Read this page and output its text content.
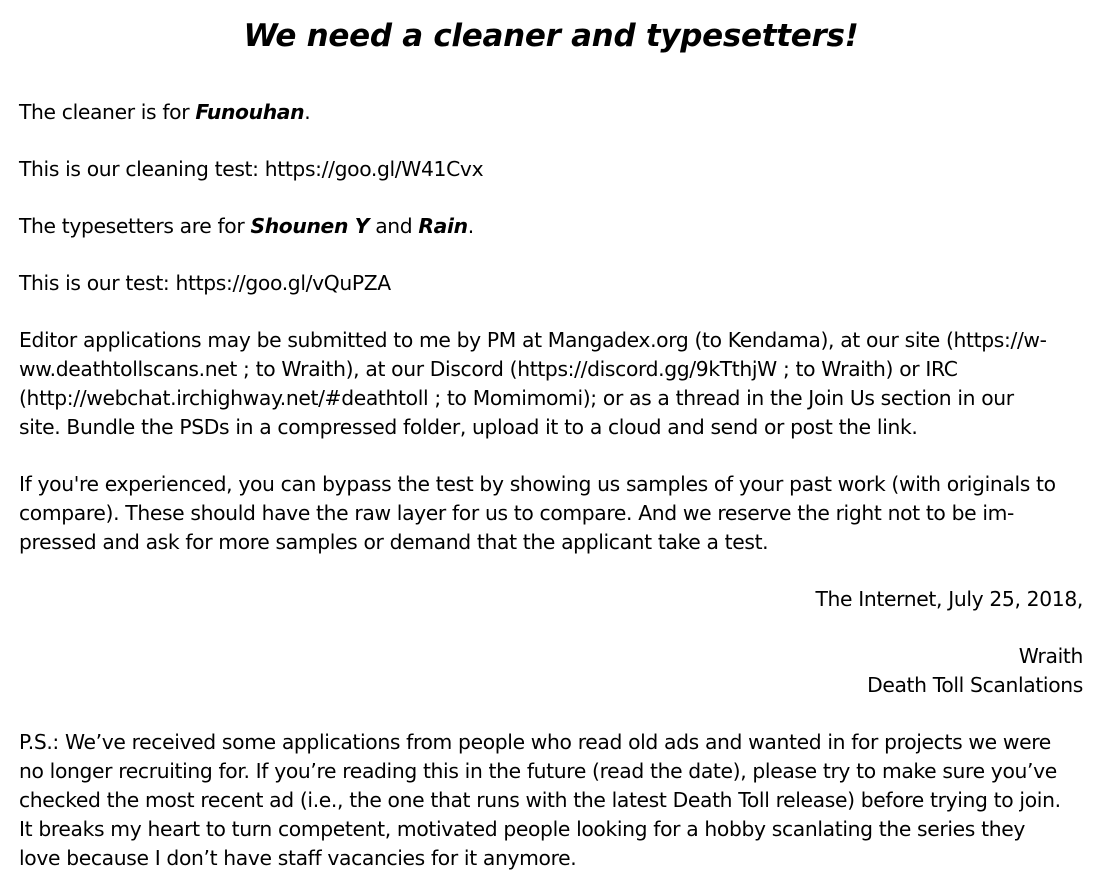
We need a cleaner and typesetters!

The cleaner is for Funouhan.

This is our cleaning test: https://goo.gl/W41Cvx

The typesetters are for Shounen Y and Rain.

This is our test: https://goo.gl/vQuPZA

Editor applications may be submitted to me by PM at Mangadex.org (to Kendama), at our site (https://w-
ww.deathtollscans.net ; to Wraith), at our Discord (https://discord.gg/9kTthjW ; to Wraith) or IRC
(http://webchat.irchighway.net/#deathtoll ; to Momimomi); or as a thread in the Join Us section in our
site. Bundle the PSDs in a compressed folder, upload it to a cloud and send or post the link.

If you're experienced, you can bypass the test by showing us samples of your past work (with originals to
compare). These should have the raw layer for us to compare. And we reserve the right not to be im-
pressed and ask for more samples or demand that the applicant take a test.

The Internet, July 25, 2018,

Wraith
Death Toll Scanlations

P.S.: We’ve received some applications from people who read old ads and wanted in for projects we were
no longer recruiting for. If you’re reading this in the future (read the date), please try to make sure you’ve
checked the most recent ad (i.e., the one that runs with the latest Death Toll release) before trying to join.
It breaks my heart to turn competent, motivated people looking for a hobby scanlating the series they
love because I don’t have staff vacancies for it anymore.
